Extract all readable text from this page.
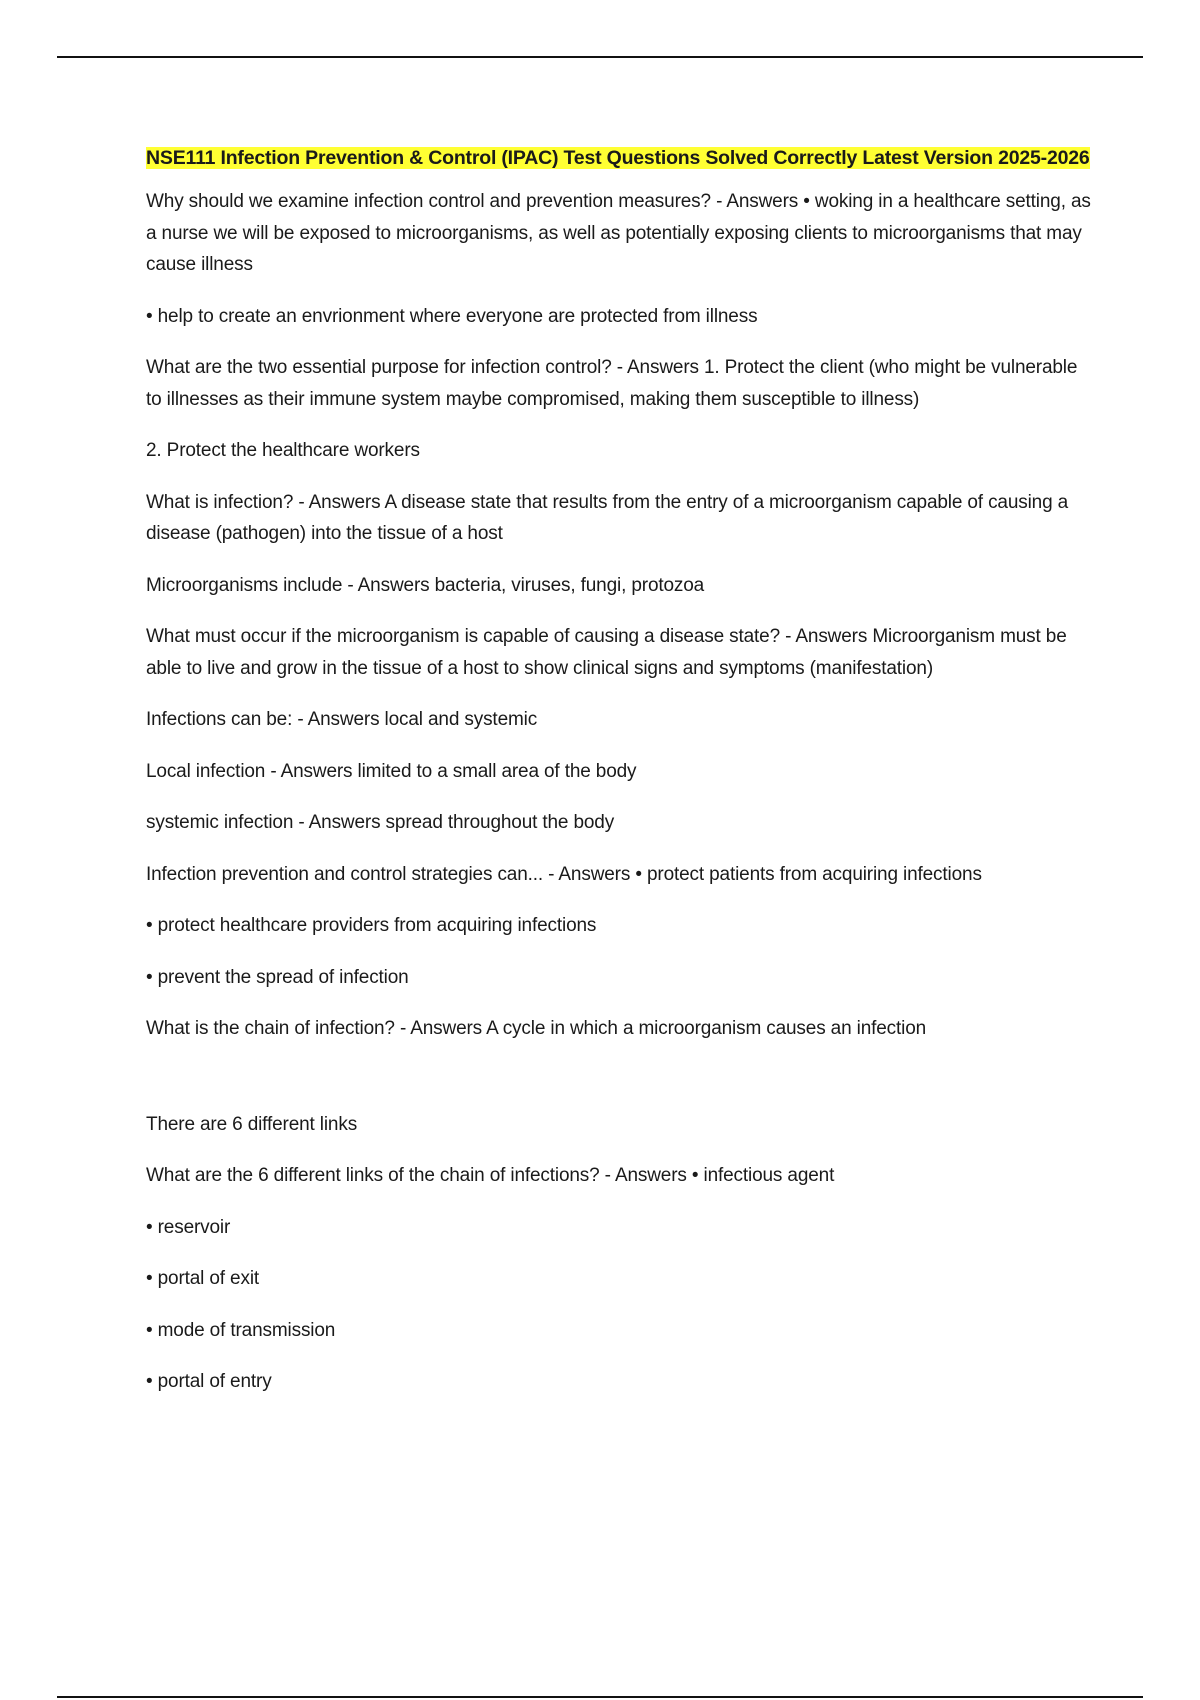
NSE111 Infection Prevention & Control (IPAC) Test Questions Solved Correctly Latest Version 2025-2026

Why should we examine infection control and prevention measures? - Answers • woking in a healthcare setting, as a nurse we will be exposed to microorganisms, as well as potentially exposing clients to microorganisms that may cause illness

• help to create an envrionment where everyone are protected from illness

What are the two essential purpose for infection control? - Answers 1. Protect the client (who might be vulnerable to illnesses as their immune system maybe compromised, making them susceptible to illness)

2. Protect the healthcare workers

What is infection? - Answers A disease state that results from the entry of a microorganism capable of causing a disease (pathogen) into the tissue of a host

Microorganisms include - Answers bacteria, viruses, fungi, protozoa

What must occur if the microorganism is capable of causing a disease state? - Answers Microorganism must be able to live and grow in the tissue of a host to show clinical signs and symptoms (manifestation)

Infections can be: - Answers local and systemic

Local infection - Answers limited to a small area of the body

systemic infection - Answers spread throughout the body

Infection prevention and control strategies can... - Answers • protect patients from acquiring infections

• protect healthcare providers from acquiring infections

• prevent the spread of infection

What is the chain of infection? - Answers A cycle in which a microorganism causes an infection

There are 6 different links

What are the 6 different links of the chain of infections? - Answers • infectious agent

• reservoir

• portal of exit

• mode of transmission

• portal of entry
